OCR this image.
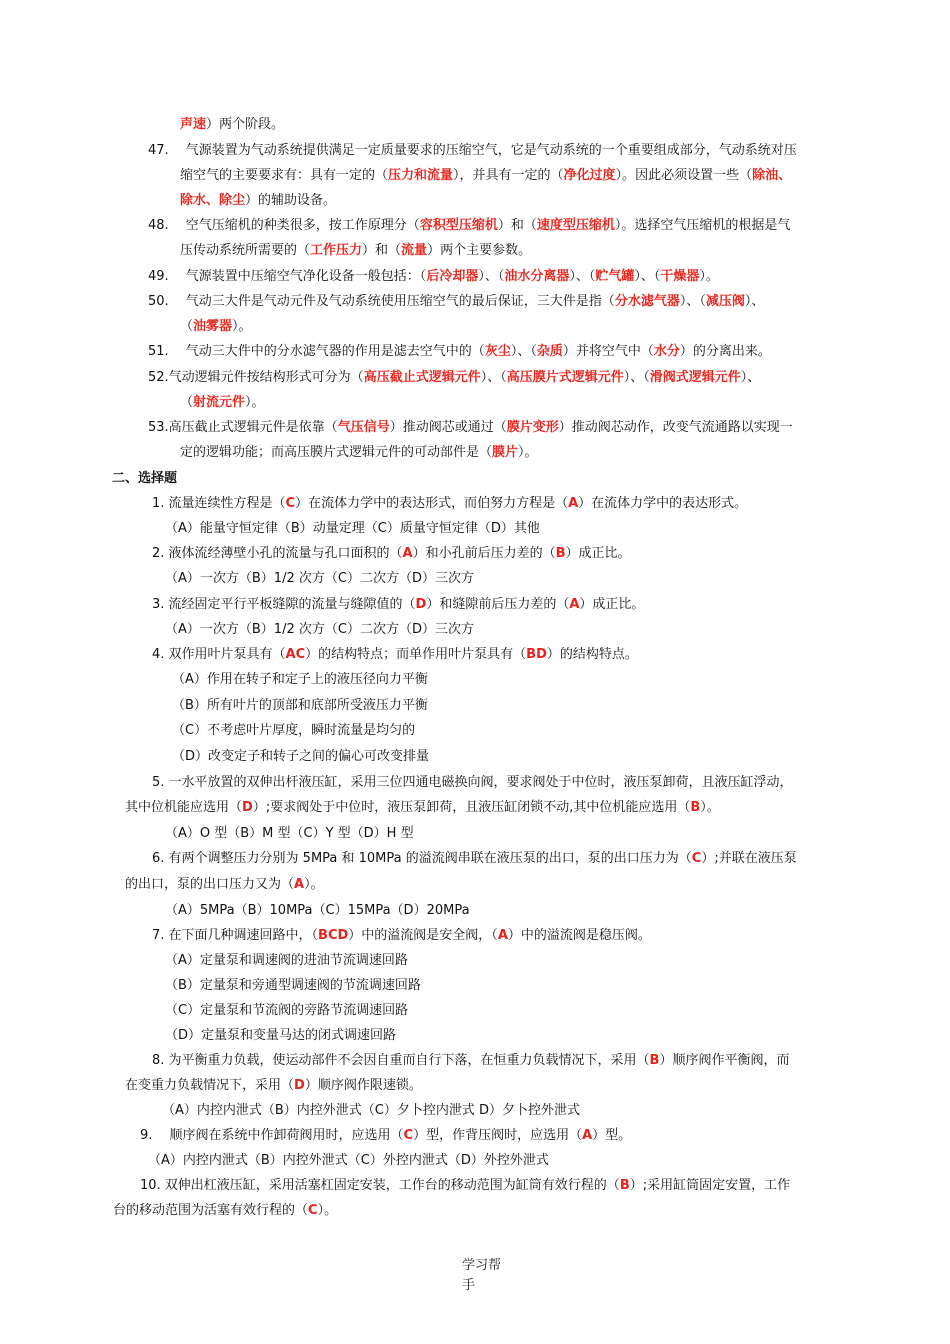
声速）两个阶段。
47.　 气源装置为气动系统提供满足一定质量要求的压缩空气，它是气动系统的一个重要组成部分，气动系统对压
缩空气的主要要求有：具有一定的（压力和流量），并具有一定的（净化过度）。因此必须设置一些（除油、
除水、除尘）的辅助设备。
48.　 空气压缩机的种类很多，按工作原理分（容积型压缩机）和（速度型压缩机）。选择空气压缩机的根据是气
压传动系统所需要的（工作压力）和（流量）两个主要参数。
49.　 气源装置中压缩空气净化设备一般包括：（后冷却器）、（油水分离器）、（贮气罐）、（干燥器）。
50.　 气动三大件是气动元件及气动系统使用压缩空气的最后保证，三大件是指（分水滤气器）、（减压阀）、
（油雾器）。
51.　 气动三大件中的分水滤气器的作用是滤去空气中的（灰尘）、（杂质）并将空气中（水分）的分离出来。
52.气动逻辑元件按结构形式可分为（高压截止式逻辑元件）、（高压膜片式逻辑元件）、（滑阀式逻辑元件）、
（射流元件）。
53.高压截止式逻辑元件是依靠（气压信号）推动阀芯或通过（膜片变形）推动阀芯动作，改变气流通路以实现一
定的逻辑功能；而高压膜片式逻辑元件的可动部件是（膜片）。
二、选择题
1. 流量连续性方程是（C）在流体力学中的表达形式，而伯努力方程是（A）在流体力学中的表达形式。
（A）能量守恒定律（B）动量定理（C）质量守恒定律（D）其他
2. 液体流经薄壁小孔的流量与孔口面积的（A）和小孔前后压力差的（B）成正比。
（A）一次方（B）1/2 次方（C）二次方（D）三次方
3. 流经固定平行平板缝隙的流量与缝隙值的（D）和缝隙前后压力差的（A）成正比。
（A）一次方（B）1/2 次方（C）二次方（D）三次方
4. 双作用叶片泵具有（AC）的结构特点；而单作用叶片泵具有（BD）的结构特点。
（A）作用在转子和定子上的液压径向力平衡
（B）所有叶片的顶部和底部所受液压力平衡
（C）不考虑叶片厚度，瞬时流量是均匀的
（D）改变定子和转子之间的偏心可改变排量
5. 一水平放置的双伸出杆液压缸，采用三位四通电磁换向阀，要求阀处于中位时，液压泵卸荷，且液压缸浮动，
其中位机能应选用（D）;要求阀处于中位时，液压泵卸荷，且液压缸闭锁不动,其中位机能应选用（B）。
（A）O 型（B）M 型（C）Y 型（D）H 型
6. 有两个调整压力分别为 5MPa 和 10MPa 的溢流阀串联在液压泵的出口，泵的出口压力为（C）;并联在液压泵
的出口，泵的出口压力又为（A）。
（A）5MPa（B）10MPa（C）15MPa（D）20MPa
7. 在下面几种调速回路中，（BCD）中的溢流阀是安全阀，（A）中的溢流阀是稳压阀。
（A）定量泵和调速阀的进油节流调速回路
（B）定量泵和旁通型调速阀的节流调速回路
（C）定量泵和节流阀的旁路节流调速回路
（D）定量泵和变量马达的闭式调速回路
8. 为平衡重力负载，使运动部件不会因自重而自行下落，在恒重力负载情况下，采用（B）顺序阀作平衡阀，而
在变重力负载情况下，采用（D）顺序阀作限速锁。
（A）内控内泄式（B）内控外泄式（C）夕卜控内泄式 D）夕卜控外泄式
9.　 顺序阀在系统中作卸荷阀用时，应选用（C）型，作背压阀时，应选用（A）型。
（A）内控内泄式（B）内控外泄式（C）外控内泄式（D）外控外泄式
10. 双伸出杠液压缸，采用活塞杠固定安装，工作台的移动范围为缸筒有效行程的（B）;采用缸筒固定安置，工作
台的移动范围为活塞有效行程的（C）。
学习帮
手
